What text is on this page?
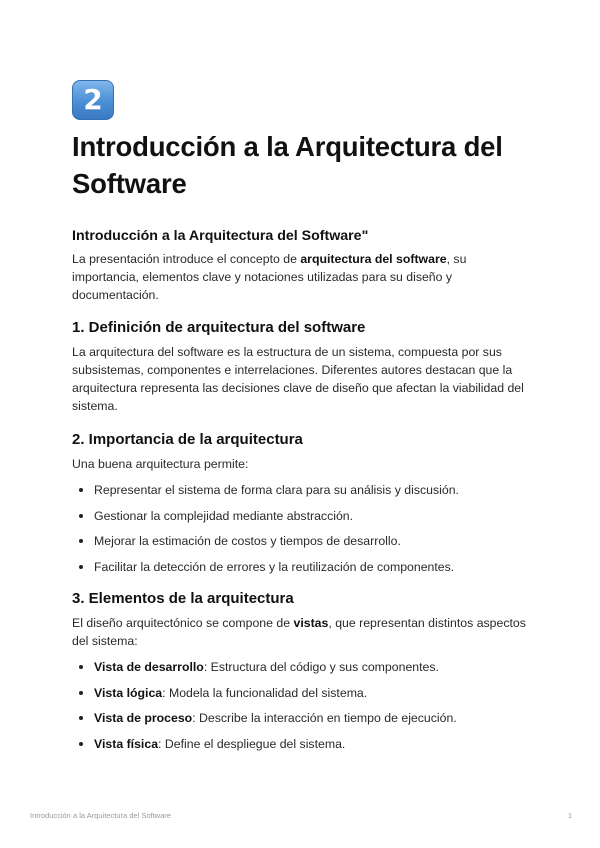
2
Introducción a la Arquitectura del Software
Introducción a la Arquitectura del Software"

La presentación introduce el concepto de arquitectura del software, su importancia, elementos clave y notaciones utilizadas para su diseño y documentación.

1. Definición de arquitectura del software

La arquitectura del software es la estructura de un sistema, compuesta por sus subsistemas, componentes e interrelaciones. Diferentes autores destacan que la arquitectura representa las decisiones clave de diseño que afectan la viabilidad del sistema.

2. Importancia de la arquitectura

Una buena arquitectura permite:

Representar el sistema de forma clara para su análisis y discusión.
Gestionar la complejidad mediante abstracción.
Mejorar la estimación de costos y tiempos de desarrollo.
Facilitar la detección de errores y la reutilización de componentes.
3. Elementos de la arquitectura

El diseño arquitectónico se compone de vistas, que representan distintos aspectos del sistema:

Vista de desarrollo: Estructura del código y sus componentes.
Vista lógica: Modela la funcionalidad del sistema.
Vista de proceso: Describe la interacción en tiempo de ejecución.
Vista física: Define el despliegue del sistema.
Introducción a la Arquitectura del Software	1
